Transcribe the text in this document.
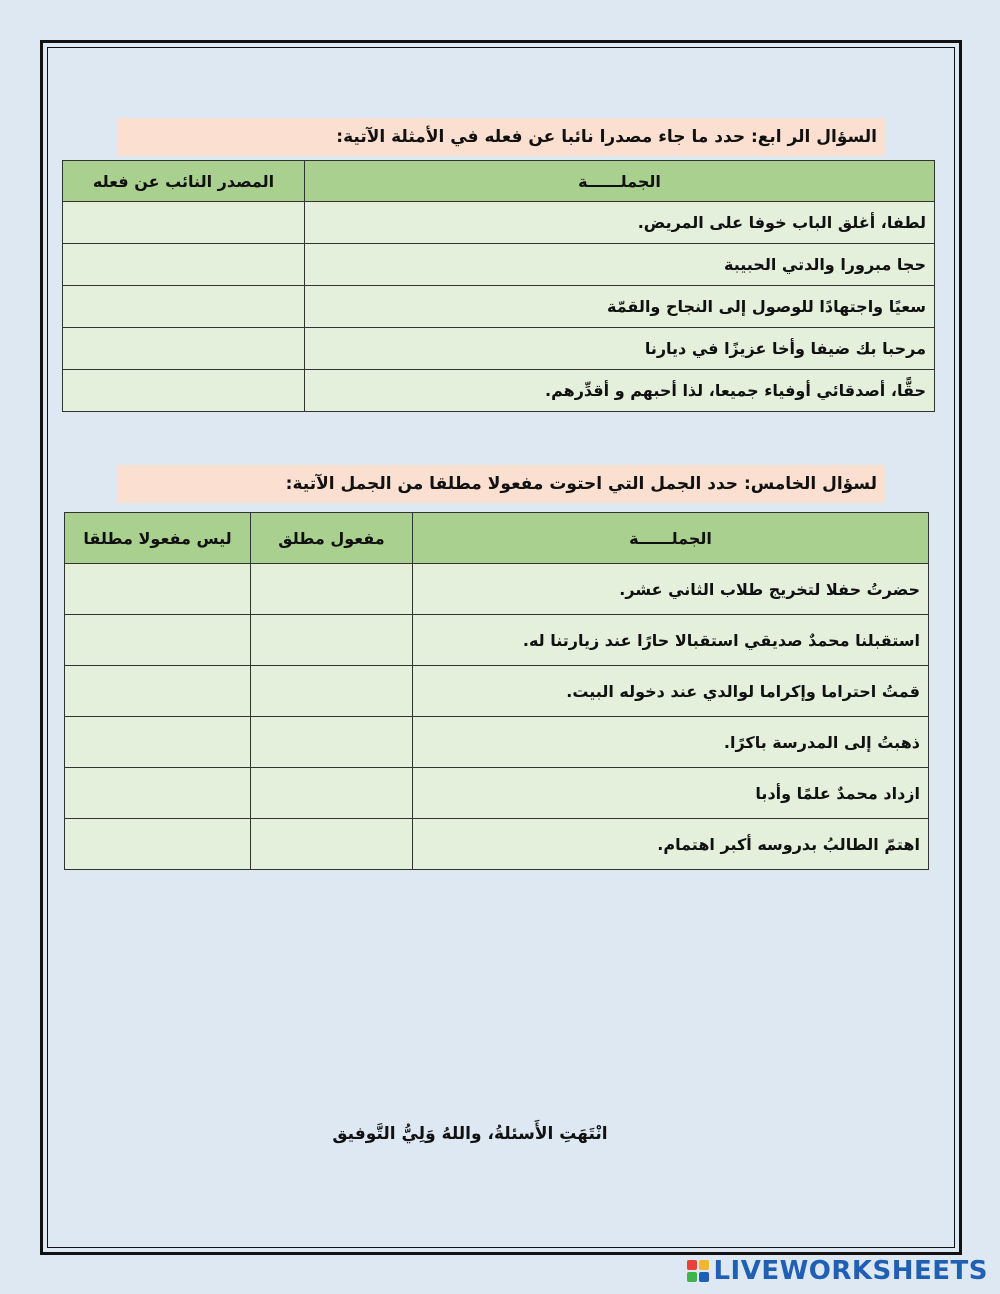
السؤال الر ابع: حدد ما جاء مصدرا نائبا عن فعله في الأمثلة الآتية:
الجملــــــة	المصدر النائب عن فعله
لطفا، أغلق الباب خوفا على المريض.	
حجا مبرورا والدتي الحبيبة	
سعيًا واجتهادًا للوصول إلى النجاح والقمّة	
مرحبا بك ضيفا وأخا عزيزًا في ديارنا	
حقًّا، أصدقائي أوفياء جميعا، لذا أحبهم و أقدِّرهم.	
لسؤال الخامس: حدد الجمل التي احتوت مفعولا مطلقا من الجمل الآتية:
الجملــــــة	مفعول مطلق	ليس مفعولا مطلقا
حضرتُ حفلا لتخريج طلاب الثاني عشر.		
استقبلنا محمدٌ صديقي استقبالا حارًا عند زيارتنا له.		
قمتُ احتراما وإكراما لوالدي عند دخوله البيت.		
ذهبتُ إلى المدرسة باكرًا.		
ازداد محمدٌ علمًا وأدبا		
اهتمّ الطالبُ بدروسه أكبر اهتمام.		
انْتَهَتِ الأَسئلةُ، واللهُ وَلِيُّ التَّوفيق
LIVEWORKSHEETS
